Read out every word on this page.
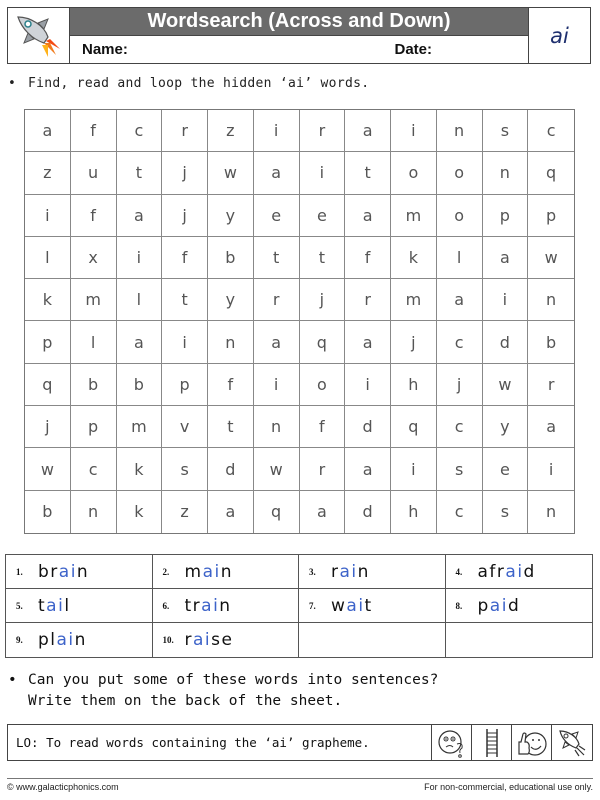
Wordsearch (Across and Down)
Name:	Date:
ai
• Find, read and loop the hidden ‘ai’ words.
a	f	c	r	z	i	r	a	i	n	s	c
z	u	t	j	w	a	i	t	o	o	n	q
i	f	a	j	y	e	e	a	m	o	p	p
l	x	i	f	b	t	t	f	k	l	a	w
k	m	l	t	y	r	j	r	m	a	i	n
p	l	a	i	n	a	q	a	j	c	d	b
q	b	b	p	f	i	o	i	h	j	w	r
j	p	m	v	t	n	f	d	q	c	y	a
w	c	k	s	d	w	r	a	i	s	e	i
b	n	k	z	a	q	a	d	h	c	s	n
1. brain	2. main	3. rain	4. afraid
5. tail	6. train	7. wait	8. paid
9. plain	10. raise
• Can you put some of these words into sentences?
Write them on the back of the sheet.
LO: To read words containing the ‘ai’ grapheme.
© www.galacticphonics.com	For non-commercial, educational use only.
